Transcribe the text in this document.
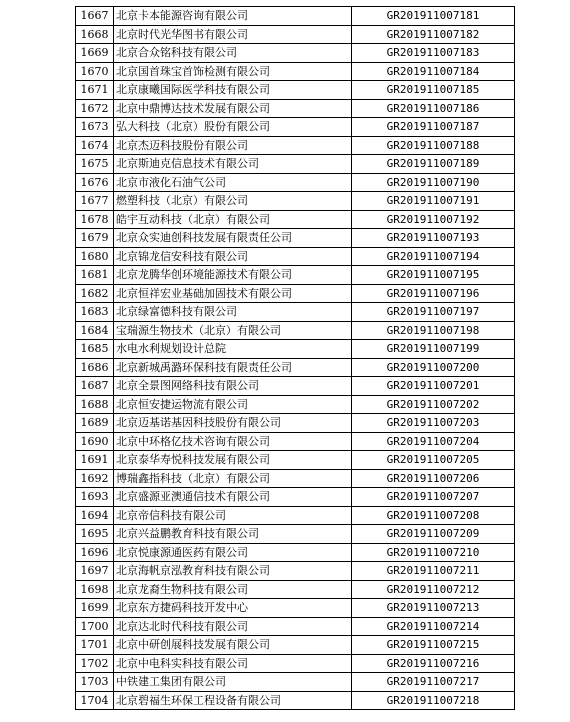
1667	北京卡本能源咨询有限公司	GR201911007181
1668	北京时代光华图书有限公司	GR201911007182
1669	北京合众铭科技有限公司	GR201911007183
1670	北京国首珠宝首饰检测有限公司	GR201911007184
1671	北京康曦国际医学科技有限公司	GR201911007185
1672	北京中鼎博达技术发展有限公司	GR201911007186
1673	弘大科技（北京）股份有限公司	GR201911007187
1674	北京杰迈科技股份有限公司	GR201911007188
1675	北京斯迪克信息技术有限公司	GR201911007189
1676	北京市液化石油气公司	GR201911007190
1677	燃塑科技（北京）有限公司	GR201911007191
1678	皓宇互动科技（北京）有限公司	GR201911007192
1679	北京众实迪创科技发展有限责任公司	GR201911007193
1680	北京锦龙信安科技有限公司	GR201911007194
1681	北京龙腾华创环境能源技术有限公司	GR201911007195
1682	北京恒祥宏业基础加固技术有限公司	GR201911007196
1683	北京绿富德科技有限公司	GR201911007197
1684	宝瑞源生物技术（北京）有限公司	GR201911007198
1685	水电水利规划设计总院	GR201911007199
1686	北京新城禹潞环保科技有限责任公司	GR201911007200
1687	北京全景图网络科技有限公司	GR201911007201
1688	北京恒安捷运物流有限公司	GR201911007202
1689	北京迈基诺基因科技股份有限公司	GR201911007203
1690	北京中环格亿技术咨询有限公司	GR201911007204
1691	北京泰华寿悦科技发展有限公司	GR201911007205
1692	博瑞鑫指科技（北京）有限公司	GR201911007206
1693	北京盛源亚澳通信技术有限公司	GR201911007207
1694	北京帝信科技有限公司	GR201911007208
1695	北京兴益鹏教育科技有限公司	GR201911007209
1696	北京悦康源通医药有限公司	GR201911007210
1697	北京海帆京泓教育科技有限公司	GR201911007211
1698	北京龙裔生物科技有限公司	GR201911007212
1699	北京东方捷码科技开发中心	GR201911007213
1700	北京达北时代科技有限公司	GR201911007214
1701	北京中研创展科技发展有限公司	GR201911007215
1702	北京中电科实科技有限公司	GR201911007216
1703	中铁建工集团有限公司	GR201911007217
1704	北京碧福生环保工程设备有限公司	GR201911007218
